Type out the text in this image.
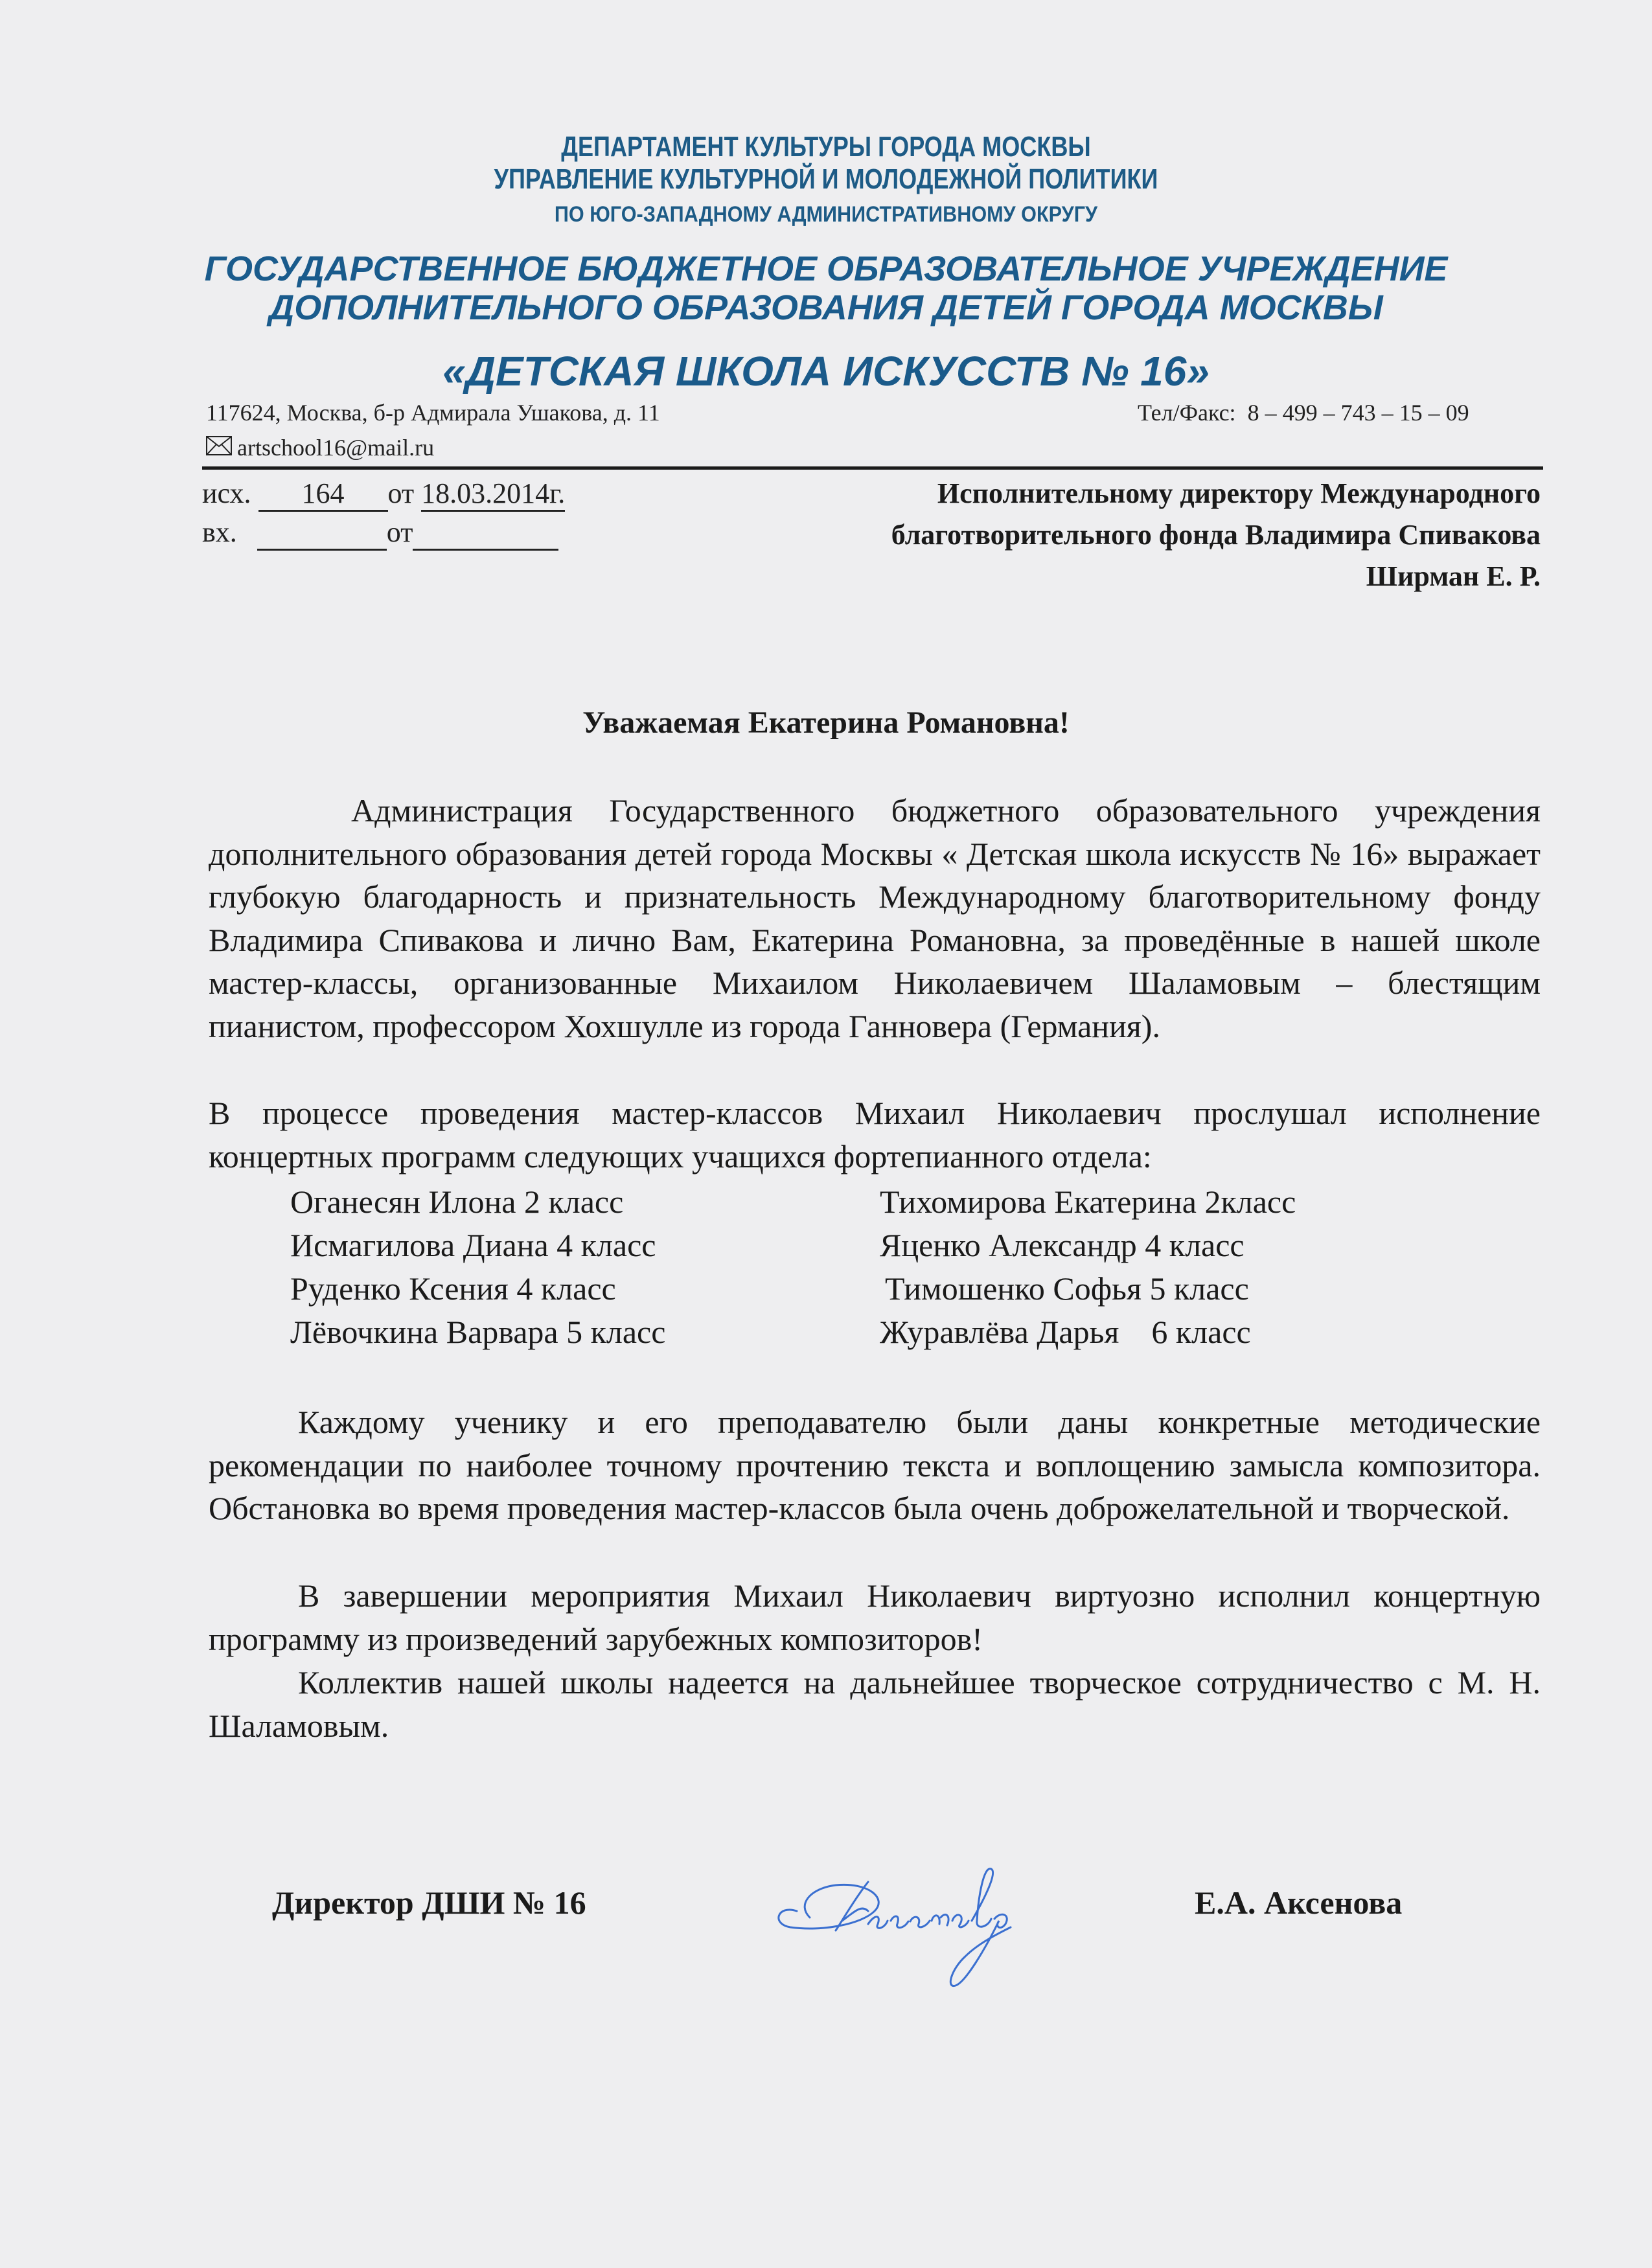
ДЕПАРТАМЕНТ КУЛЬТУРЫ ГОРОДА МОСКВЫ
УПРАВЛЕНИЕ КУЛЬТУРНОЙ И МОЛОДЕЖНОЙ ПОЛИТИКИ
ПО ЮГО-ЗАПАДНОМУ АДМИНИСТРАТИВНОМУ ОКРУГУ
ГОСУДАРСТВЕННОЕ БЮДЖЕТНОЕ ОБРАЗОВАТЕЛЬНОЕ УЧРЕЖДЕНИЕ
ДОПОЛНИТЕЛЬНОГО ОБРАЗОВАНИЯ ДЕТЕЙ ГОРОДА МОСКВЫ
«ДЕТСКАЯ ШКОЛА ИСКУССТВ № 16»
117624, Москва, б-р Адмирала Ушакова, д. 11	Тел/Факс: 8 – 499 – 743 – 15 – 09
artschool16@mail.ru
исх. 164 от 18.03.2014г.
вх.	от
Исполнительному директору Международного
благотворительного фонда Владимира Спивакова
Ширман Е. Р.
Уважаемая Екатерина Романовна!
Администрация Государственного бюджетного образовательного учреждения дополнительного образования детей города Москвы « Детская школа искусств № 16» выражает глубокую благодарность и признательность Международному благотворительному фонду Владимира Спивакова и лично Вам, Екатерина Романовна, за проведённые в нашей школе мастер-классы, организованные Михаилом Николаевичем Шаламовым – блестящим пианистом, профессором Хохшулле из города Ганновера (Германия).
В процессе проведения мастер-классов Михаил Николаевич прослушал исполнение концертных программ следующих учащихся фортепианного отдела:
Оганесян Илона 2 класс	Тихомирова Екатерина 2класс
Исмагилова Диана 4 класс	Яценко Александр 4 класс
Руденко Ксения 4 класс	Тимошенко Софья 5 класс
Лёвочкина Варвара 5 класс	Журавлёва Дарья    6 класс
Каждому ученику и его преподавателю были даны конкретные методические рекомендации по наиболее точному прочтению текста и воплощению замысла композитора. Обстановка во время проведения мастер-классов была очень доброжелательной и творческой.
В завершении мероприятия Михаил Николаевич виртуозно исполнил концертную программу из произведений зарубежных композиторов!
Коллектив нашей школы надеется на дальнейшее творческое сотрудничество с М. Н. Шаламовым.
Директор ДШИ № 16	Е.А. Аксенова
